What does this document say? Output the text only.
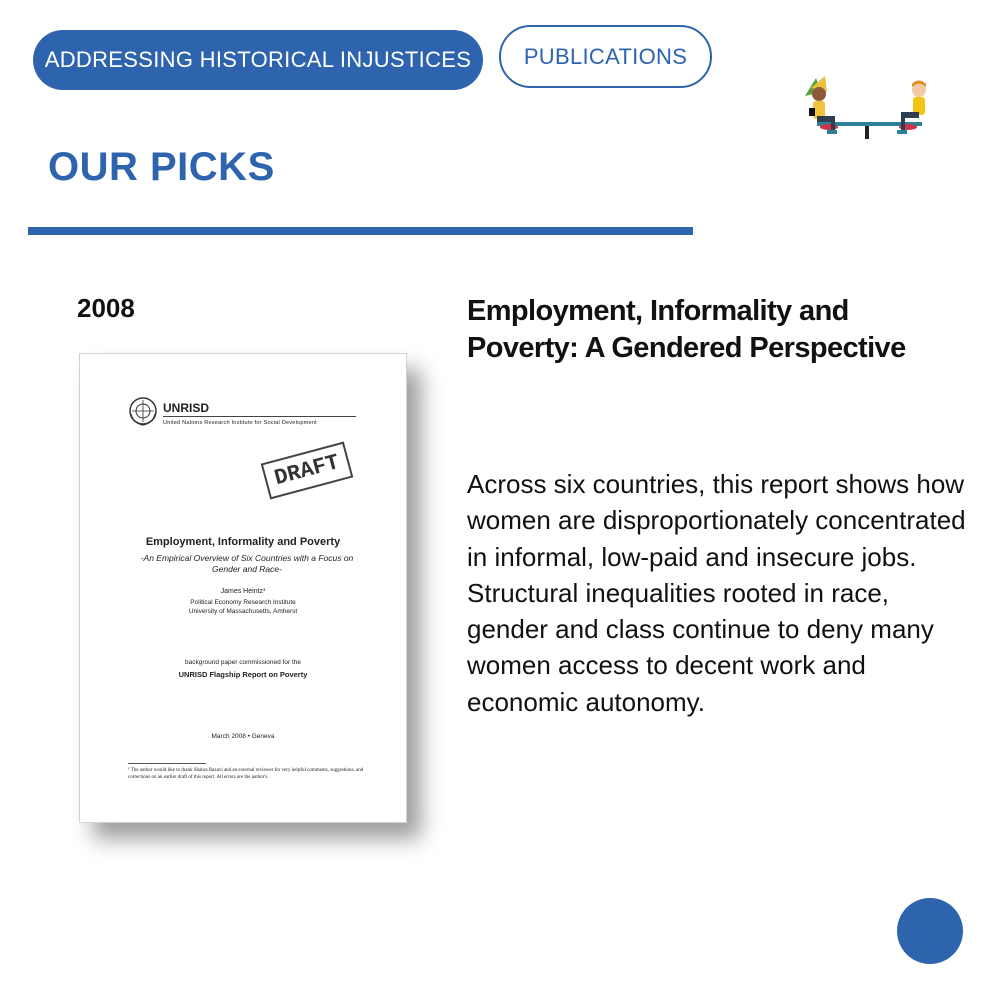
ADDRESSING HISTORICAL INJUSTICES PUBLICATIONS
OUR PICKS
2008
UNRISD
United Nations Research Institute for Social Development
DRAFT
Employment, Informality and Poverty
-An Empirical Overview of Six Countries with a Focus on Gender and Race-
James Heintz¹
Political Economy Research Institute
University of Massachusetts, Amherst
background paper commissioned for the
UNRISD Flagship Report on Poverty
March 2008 • Geneva
¹ The author would like to thank Shahra Razavi and an external reviewer for very helpful comments, suggestions, and corrections on an earlier draft of this report. All errors are the author's.
Employment, Informality and Poverty: A Gendered Perspective

Across six countries, this report shows how women are disproportionately concentrated in informal, low-paid and insecure jobs. Structural inequalities rooted in race, gender and class continue to deny many women access to decent work and economic autonomy.
